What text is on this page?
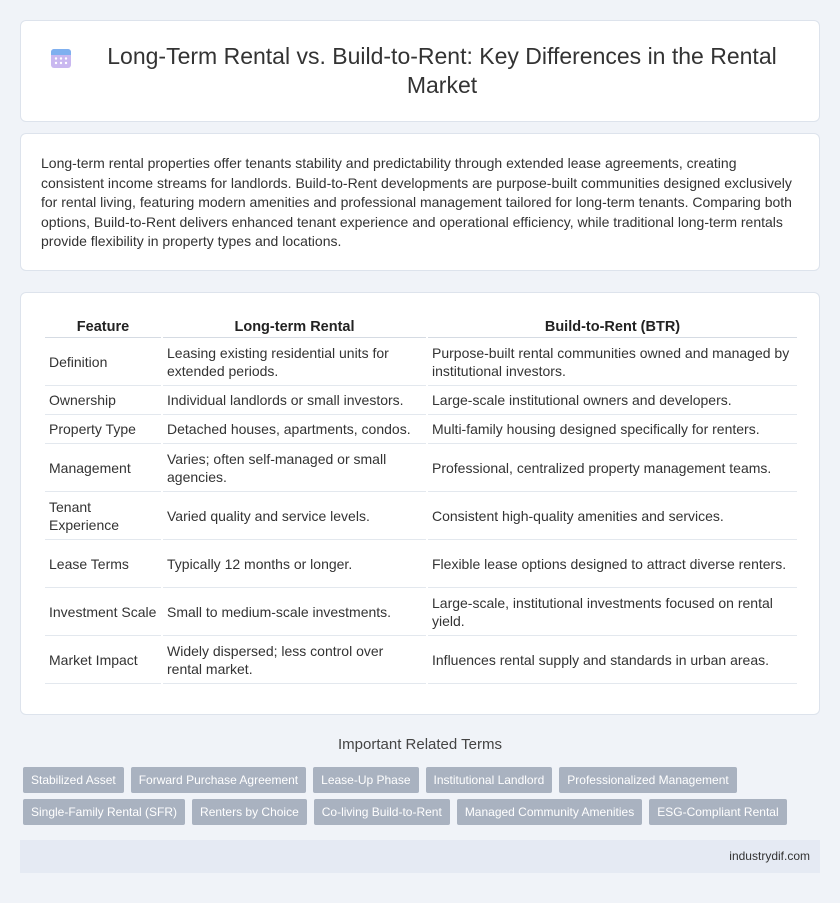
Long-Term Rental vs. Build-to-Rent: Key Differences in the Rental Market

Long-term rental properties offer tenants stability and predictability through extended lease agreements, creating consistent income streams for landlords. Build-to-Rent developments are purpose-built communities designed exclusively for rental living, featuring modern amenities and professional management tailored for long-term tenants. Comparing both options, Build-to-Rent delivers enhanced tenant experience and operational efficiency, while traditional long-term rentals provide flexibility in property types and locations.

Feature	Long-term Rental	Build-to-Rent (BTR)
Definition	Leasing existing residential units for extended periods.	Purpose-built rental communities owned and managed by institutional investors.
Ownership	Individual landlords or small investors.	Large-scale institutional owners and developers.
Property Type	Detached houses, apartments, condos.	Multi-family housing designed specifically for renters.
Management	Varies; often self-managed or small agencies.	Professional, centralized property management teams.
Tenant Experience	Varied quality and service levels.	Consistent high-quality amenities and services.
Lease Terms	Typically 12 months or longer.	Flexible lease options designed to attract diverse renters.
Investment Scale	Small to medium-scale investments.	Large-scale, institutional investments focused on rental yield.
Market Impact	Widely dispersed; less control over rental market.	Influences rental supply and standards in urban areas.
Important Related Terms
Stabilized Asset	Forward Purchase Agreement	Lease-Up Phase	Institutional Landlord	Professionalized Management
Single-Family Rental (SFR)	Renters by Choice	Co-living Build-to-Rent	Managed Community Amenities	ESG-Compliant Rental
industrydif.com
